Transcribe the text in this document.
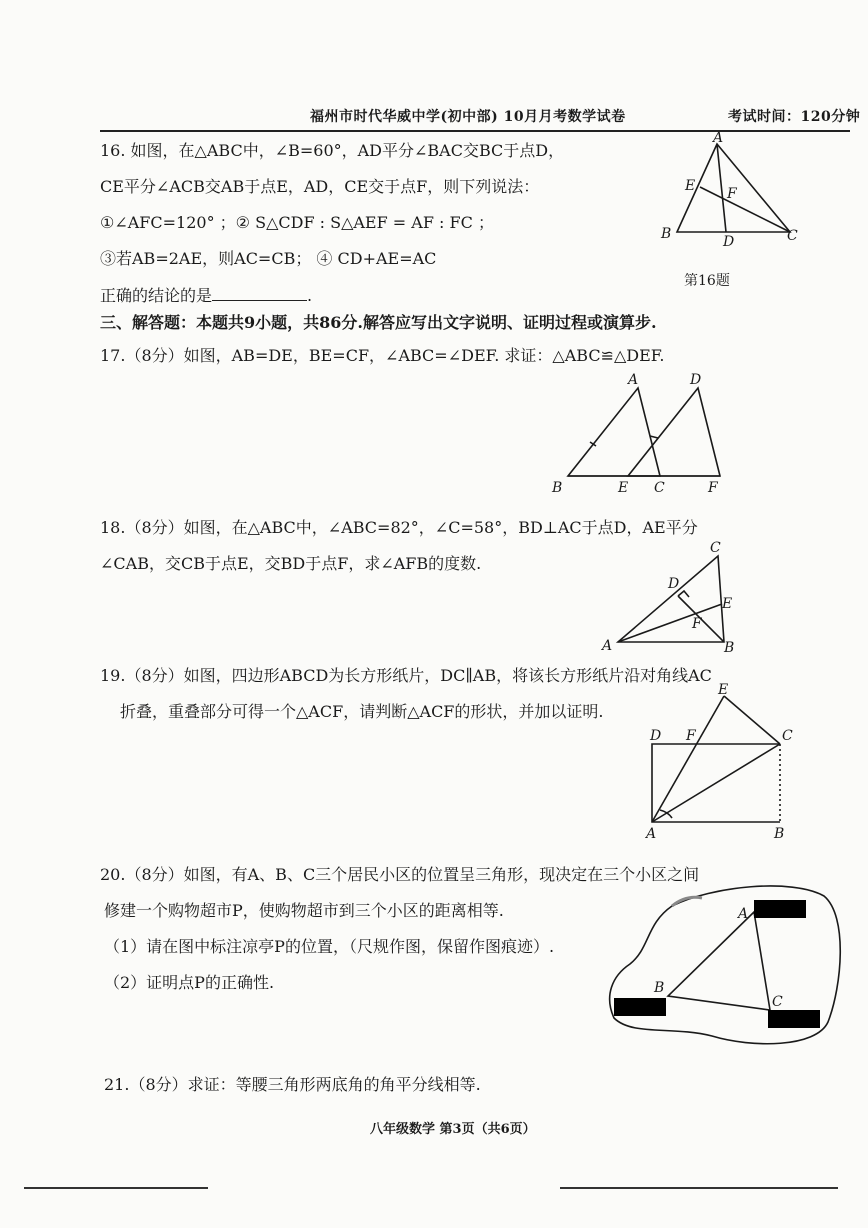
福州市时代华威中学(初中部) 10月月考数学试卷	考试时间：120分钟
16. 如图，在△ABC中，∠B=60°，AD平分∠BAC交BC于点D，
CE平分∠ACB交AB于点E，AD，CE交于点F，则下列说法：
①∠AFC=120° ；② S△CDF : S△AEF = AF : FC ；
③若AB=2AE，则AC=CB； ④ CD+AE=AC
正确的结论的是	.
A
B	C
D
E F
第16题
三、解答题：本题共9小题，共86分.解答应写出文字说明、证明过程或演算步.
17.（8分）如图，AB=DE，BE=CF，∠ABC=∠DEF. 求证：△ABC≌△DEF.
A
B	E C
D
F
18.（8分）如图，在△ABC中，∠ABC=82°，∠C=58°，BD⊥AC于点D，AE平分
∠CAB，交CB于点E，交BD于点F，求∠AFB的度数.
C
D
E
F
A	B
19.（8分）如图，四边形ABCD为长方形纸片，DC∥AB，将该长方形纸片沿对角线AC
折叠，重叠部分可得一个△ACF，请判断△ACF的形状，并加以证明.
E
D F	C
A	B
20.（8分）如图，有A、B、C三个居民小区的位置呈三角形，现决定在三个小区之间
修建一个购物超市P，使购物超市到三个小区的距离相等.
（1）请在图中标注凉亭P的位置，（尺规作图，保留作图痕迹）.
（2）证明点P的正确性.
A
B
C
21.（8分）求证：等腰三角形两底角的角平分线相等.
八年级数学 第3页（共6页）
